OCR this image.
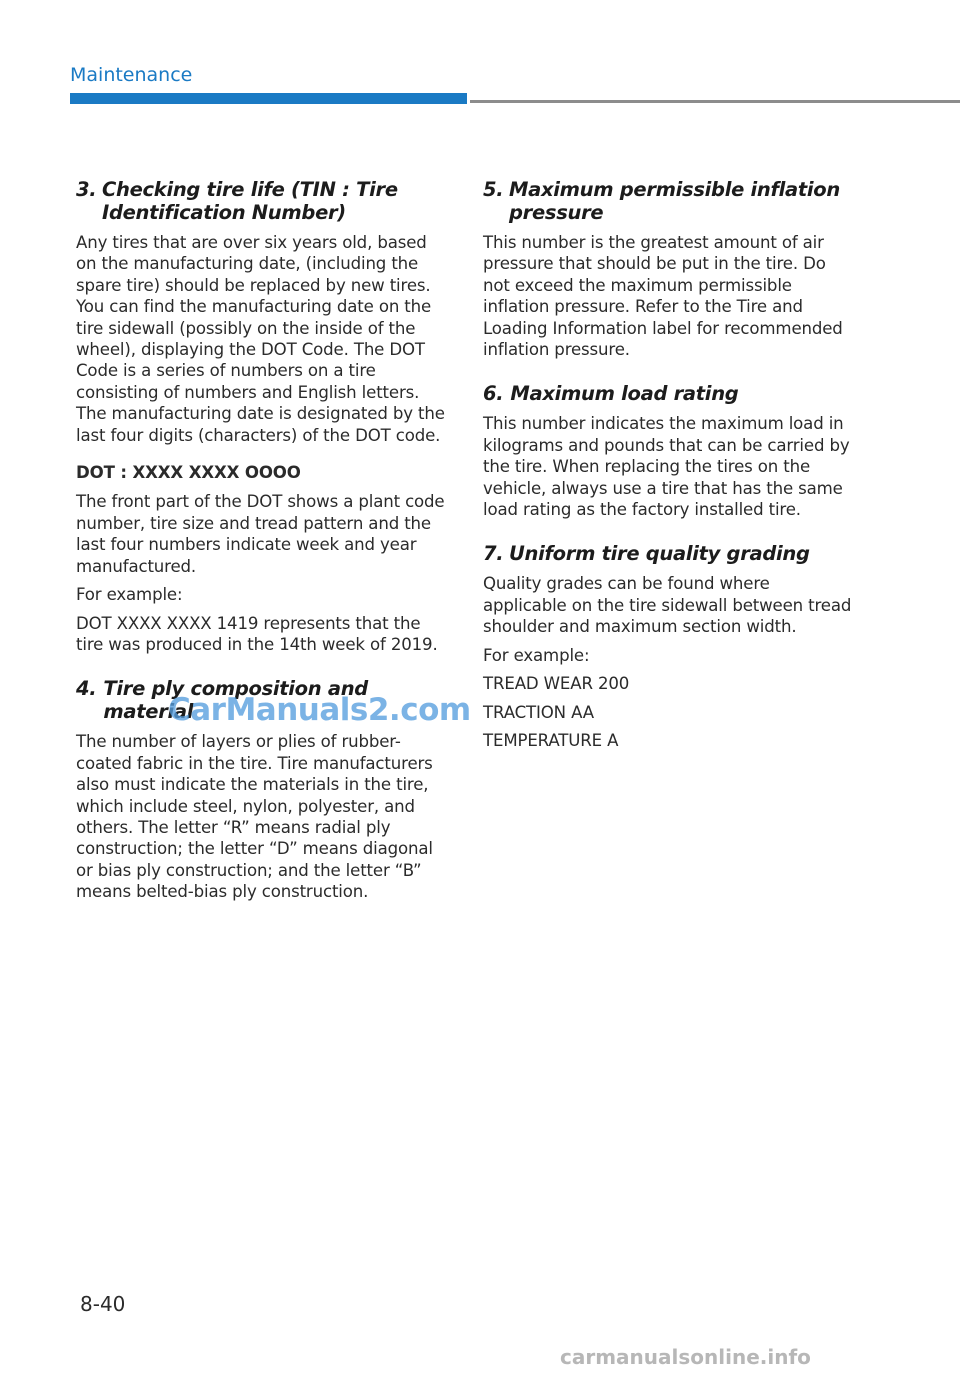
Maintenance
3. Checking tire life (TIN : Tire Identification Number)

Any tires that are over six years old, based on the manufacturing date, (including the spare tire) should be replaced by new tires. You can find the manufacturing date on the tire sidewall (possibly on the inside of the wheel), displaying the DOT Code. The DOT Code is a series of numbers on a tire consisting of numbers and English letters. The manufacturing date is designated by the last four digits (characters) of the DOT code.

DOT : XXXX XXXX OOOO

The front part of the DOT shows a plant code number, tire size and tread pattern and the last four numbers indicate week and year manufactured.

For example:

DOT XXXX XXXX 1419 represents that the tire was produced in the 14th week of 2019.

4. Tire ply composition and material

The number of layers or plies of rubber-coated fabric in the tire. Tire manufacturers also must indicate the materials in the tire, which include steel, nylon, polyester, and others. The letter “R” means radial ply construction; the letter “D” means diagonal or bias ply construction; and the letter “B” means belted-bias ply construction.

5. Maximum permissible inflation pressure

This number is the greatest amount of air pressure that should be put in the tire. Do not exceed the maximum permissible inflation pressure. Refer to the Tire and Loading Information label for recommended inflation pressure.

6. Maximum load rating

This number indicates the maximum load in kilograms and pounds that can be carried by the tire. When replacing the tires on the vehicle, always use a tire that has the same load rating as the factory installed tire.

7. Uniform tire quality grading

Quality grades can be found where applicable on the tire sidewall between tread shoulder and maximum section width.

For example:

TREAD WEAR 200

TRACTION AA

TEMPERATURE A

CarManuals2.com
8-40
carmanualsonline.info
